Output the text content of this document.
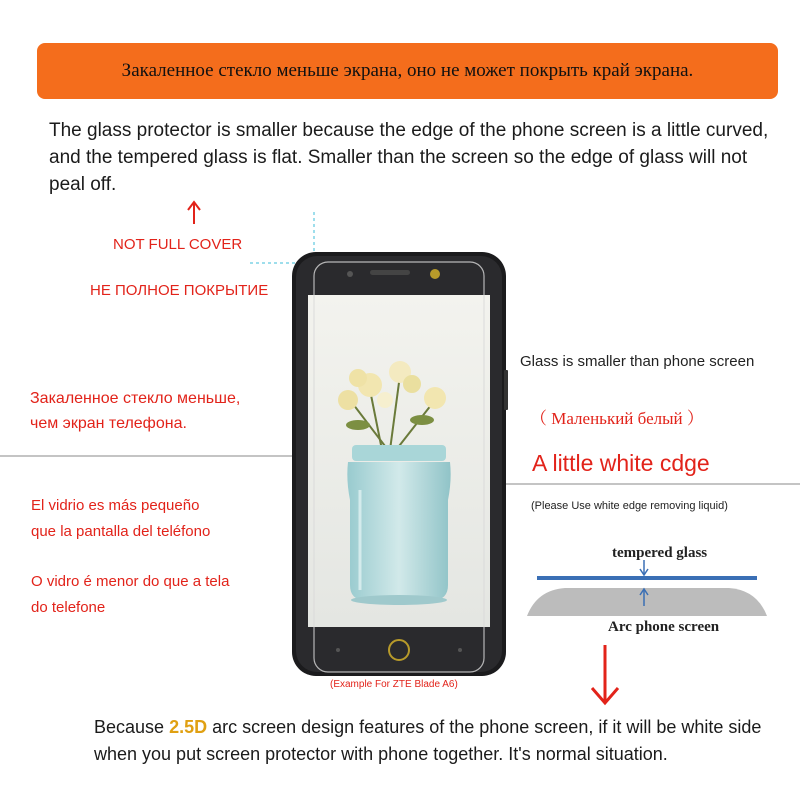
Закаленное стекло меньше экрана, оно не может покрыть край экрана.
The glass protector is smaller because the edge of the phone screen is a little curved, and the tempered glass is flat. Smaller than the screen so the edge of glass will not peal off.
NOT FULL COVER
НЕ ПОЛНОЕ ПОКРЫТИЕ
Закаленное стекло меньше,
чем экран телефона.
El vidrio es más pequeño
que la pantalla del teléfono
O vidro é menor do que a tela
do telefone
(Example For ZTE Blade A6)
Glass is smaller than phone screen
（ Маленький белый ）
A little white cdge
(Please Use white edge removing liquid)
tempered glass
Arc phone screen
Because 2.5D arc screen design features of the phone screen, if it will be white side when you put screen protector with phone together. It's normal situation.
